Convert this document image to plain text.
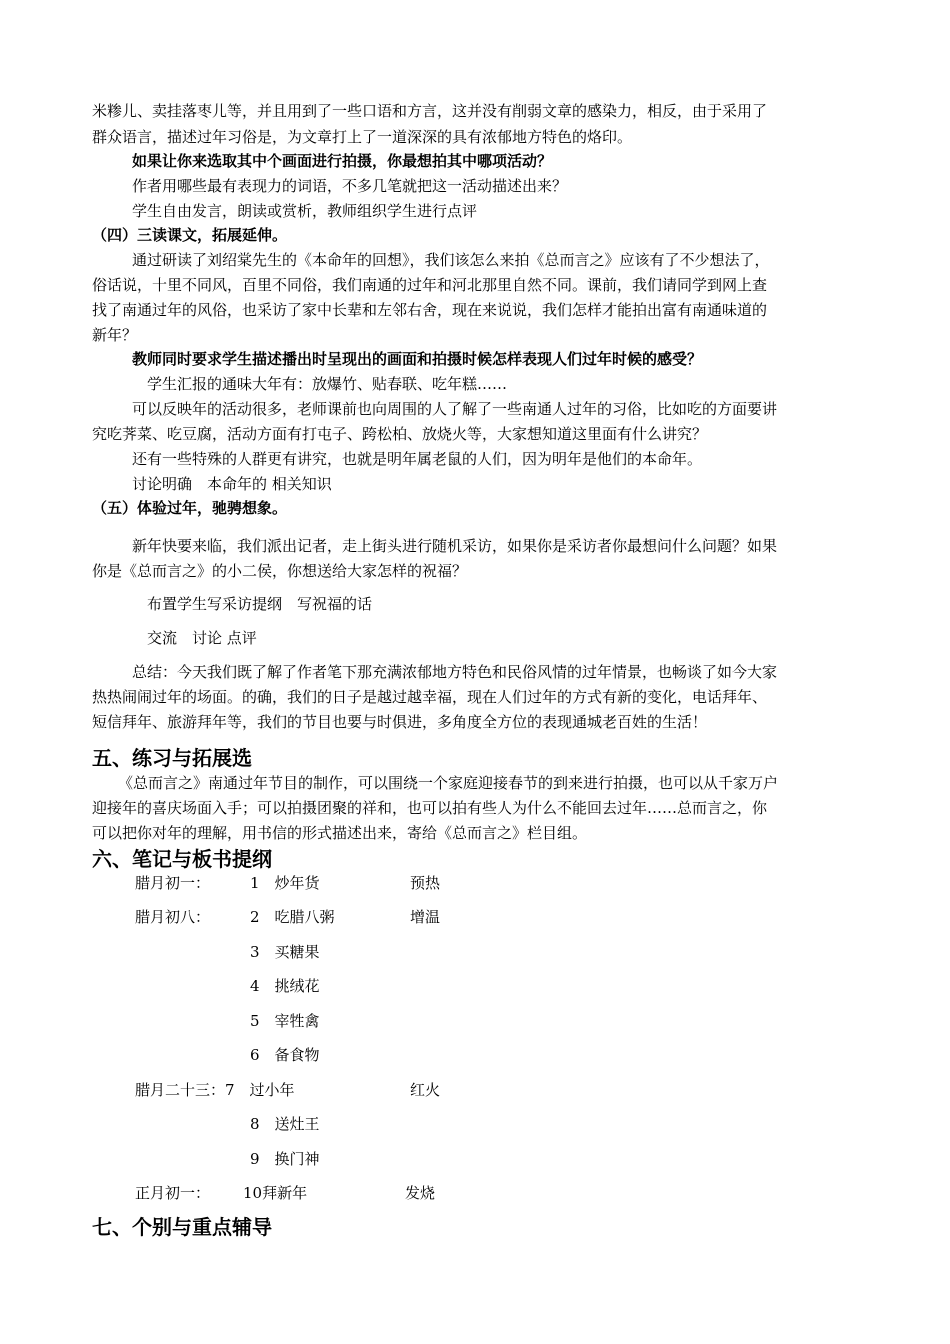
米糁儿、卖挂落枣儿等，并且用到了一些口语和方言，这并没有削弱文章的感染力，相反，由于采用了
群众语言，描述过年习俗是，为文章打上了一道深深的具有浓郁地方特色的烙印。
如果让你来选取其中个画面进行拍摄，你最想拍其中哪项活动？
作者用哪些最有表现力的词语，不多几笔就把这一活动描述出来？
学生自由发言，朗读或赏析，教师组织学生进行点评
（四）三读课文，拓展延伸。
通过研读了刘绍棠先生的《本命年的回想》，我们该怎么来拍《总而言之》应该有了不少想法了，
俗话说，十里不同风，百里不同俗，我们南通的过年和河北那里自然不同。课前，我们请同学到网上查
找了南通过年的风俗，也采访了家中长辈和左邻右舍，现在来说说，我们怎样才能拍出富有南通味道的
新年？
教师同时要求学生描述播出时呈现出的画面和拍摄时候怎样表现人们过年时候的感受？
学生汇报的通味大年有：放爆竹、贴春联、吃年糕……
可以反映年的活动很多，老师课前也向周围的人了解了一些南通人过年的习俗，比如吃的方面要讲
究吃荠菜、吃豆腐，活动方面有打屯子、跨松柏、放烧火等，大家想知道这里面有什么讲究？
还有一些特殊的人群更有讲究，也就是明年属老鼠的人们，因为明年是他们的本命年。
讨论明确　本命年的 相关知识
（五）体验过年，驰骋想象。
新年快要来临，我们派出记者，走上街头进行随机采访，如果你是采访者你最想问什么问题？如果
你是《总而言之》的小二侯，你想送给大家怎样的祝福？
布置学生写采访提纲　写祝福的话
交流　讨论 点评
总结：今天我们既了解了作者笔下那充满浓郁地方特色和民俗风情的过年情景，也畅谈了如今大家
热热闹闹过年的场面。的确，我们的日子是越过越幸福，现在人们过年的方式有新的变化，电话拜年、
短信拜年、旅游拜年等，我们的节目也要与时俱进，多角度全方位的表现通城老百姓的生活！
五、练习与拓展选
《总而言之》南通过年节目的制作，可以围绕一个家庭迎接春节的到来进行拍摄，也可以从千家万户
迎接年的喜庆场面入手；可以拍摄团聚的祥和，也可以拍有些人为什么不能回去过年……总而言之，你
可以把你对年的理解，用书信的形式描述出来，寄给《总而言之》栏目组。
六、笔记与板书提纲
腊月初一：	1　炒年货	预热
腊月初八：	2　吃腊八粥	增温
3　买糖果
4　挑绒花
5　宰牲禽
6　备食物
腊月二十三：7　过小年	红火
8　送灶王
9　换门神
正月初一： 10拜新年	发烧
七、个别与重点辅导
